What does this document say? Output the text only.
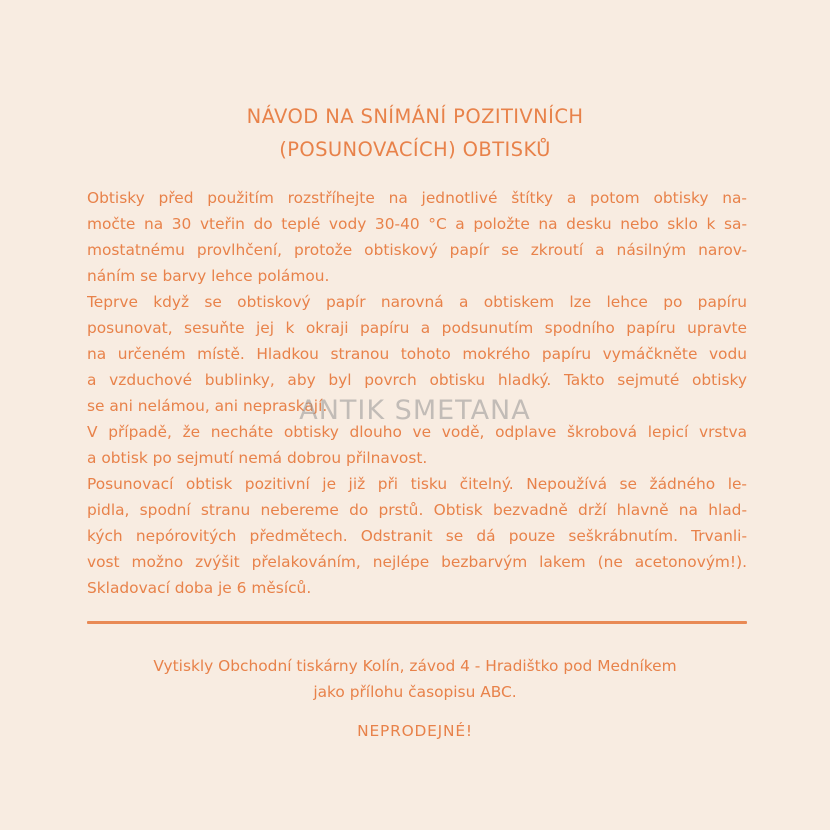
NÁVOD NA SNÍMÁNÍ POZITIVNÍCH
(POSUNOVACÍCH) OBTISKŮ
Obtisky před použitím rozstříhejte na jednotlivé štítky a potom obtisky na-
močte na 30 vteřin do teplé vody 30-40 °C a položte na desku nebo sklo k sa-
mostatnému provlhčení, protože obtiskový papír se zkroutí a násilným narov-
náním se barvy lehce polámou.
Teprve když se obtiskový papír narovná a obtiskem lze lehce po papíru
posunovat, sesuňte jej k okraji papíru a podsunutím spodního papíru upravte
na určeném místě. Hladkou stranou tohoto mokrého papíru vymáčkněte vodu
a vzduchové bublinky, aby byl povrch obtisku hladký. Takto sejmuté obtisky
se ani nelámou, ani nepraskají.
V případě, že necháte obtisky dlouho ve vodě, odplave škrobová lepicí vrstva
a obtisk po sejmutí nemá dobrou přilnavost.
Posunovací obtisk pozitivní je již při tisku čitelný. Nepoužívá se žádného le-
pidla, spodní stranu nebereme do prstů. Obtisk bezvadně drží hlavně na hlad-
kých nepórovitých předmětech. Odstranit se dá pouze seškrábnutím. Trvanli-
vost možno zvýšit přelakováním, nejlépe bezbarvým lakem (ne acetonovým!).
Skladovací doba je 6 měsíců.
ANTIK SMETANA
Vytiskly Obchodní tiskárny Kolín, závod 4 - Hradištko pod Medníkem
jako přílohu časopisu ABC.
NEPRODEJNÉ!
